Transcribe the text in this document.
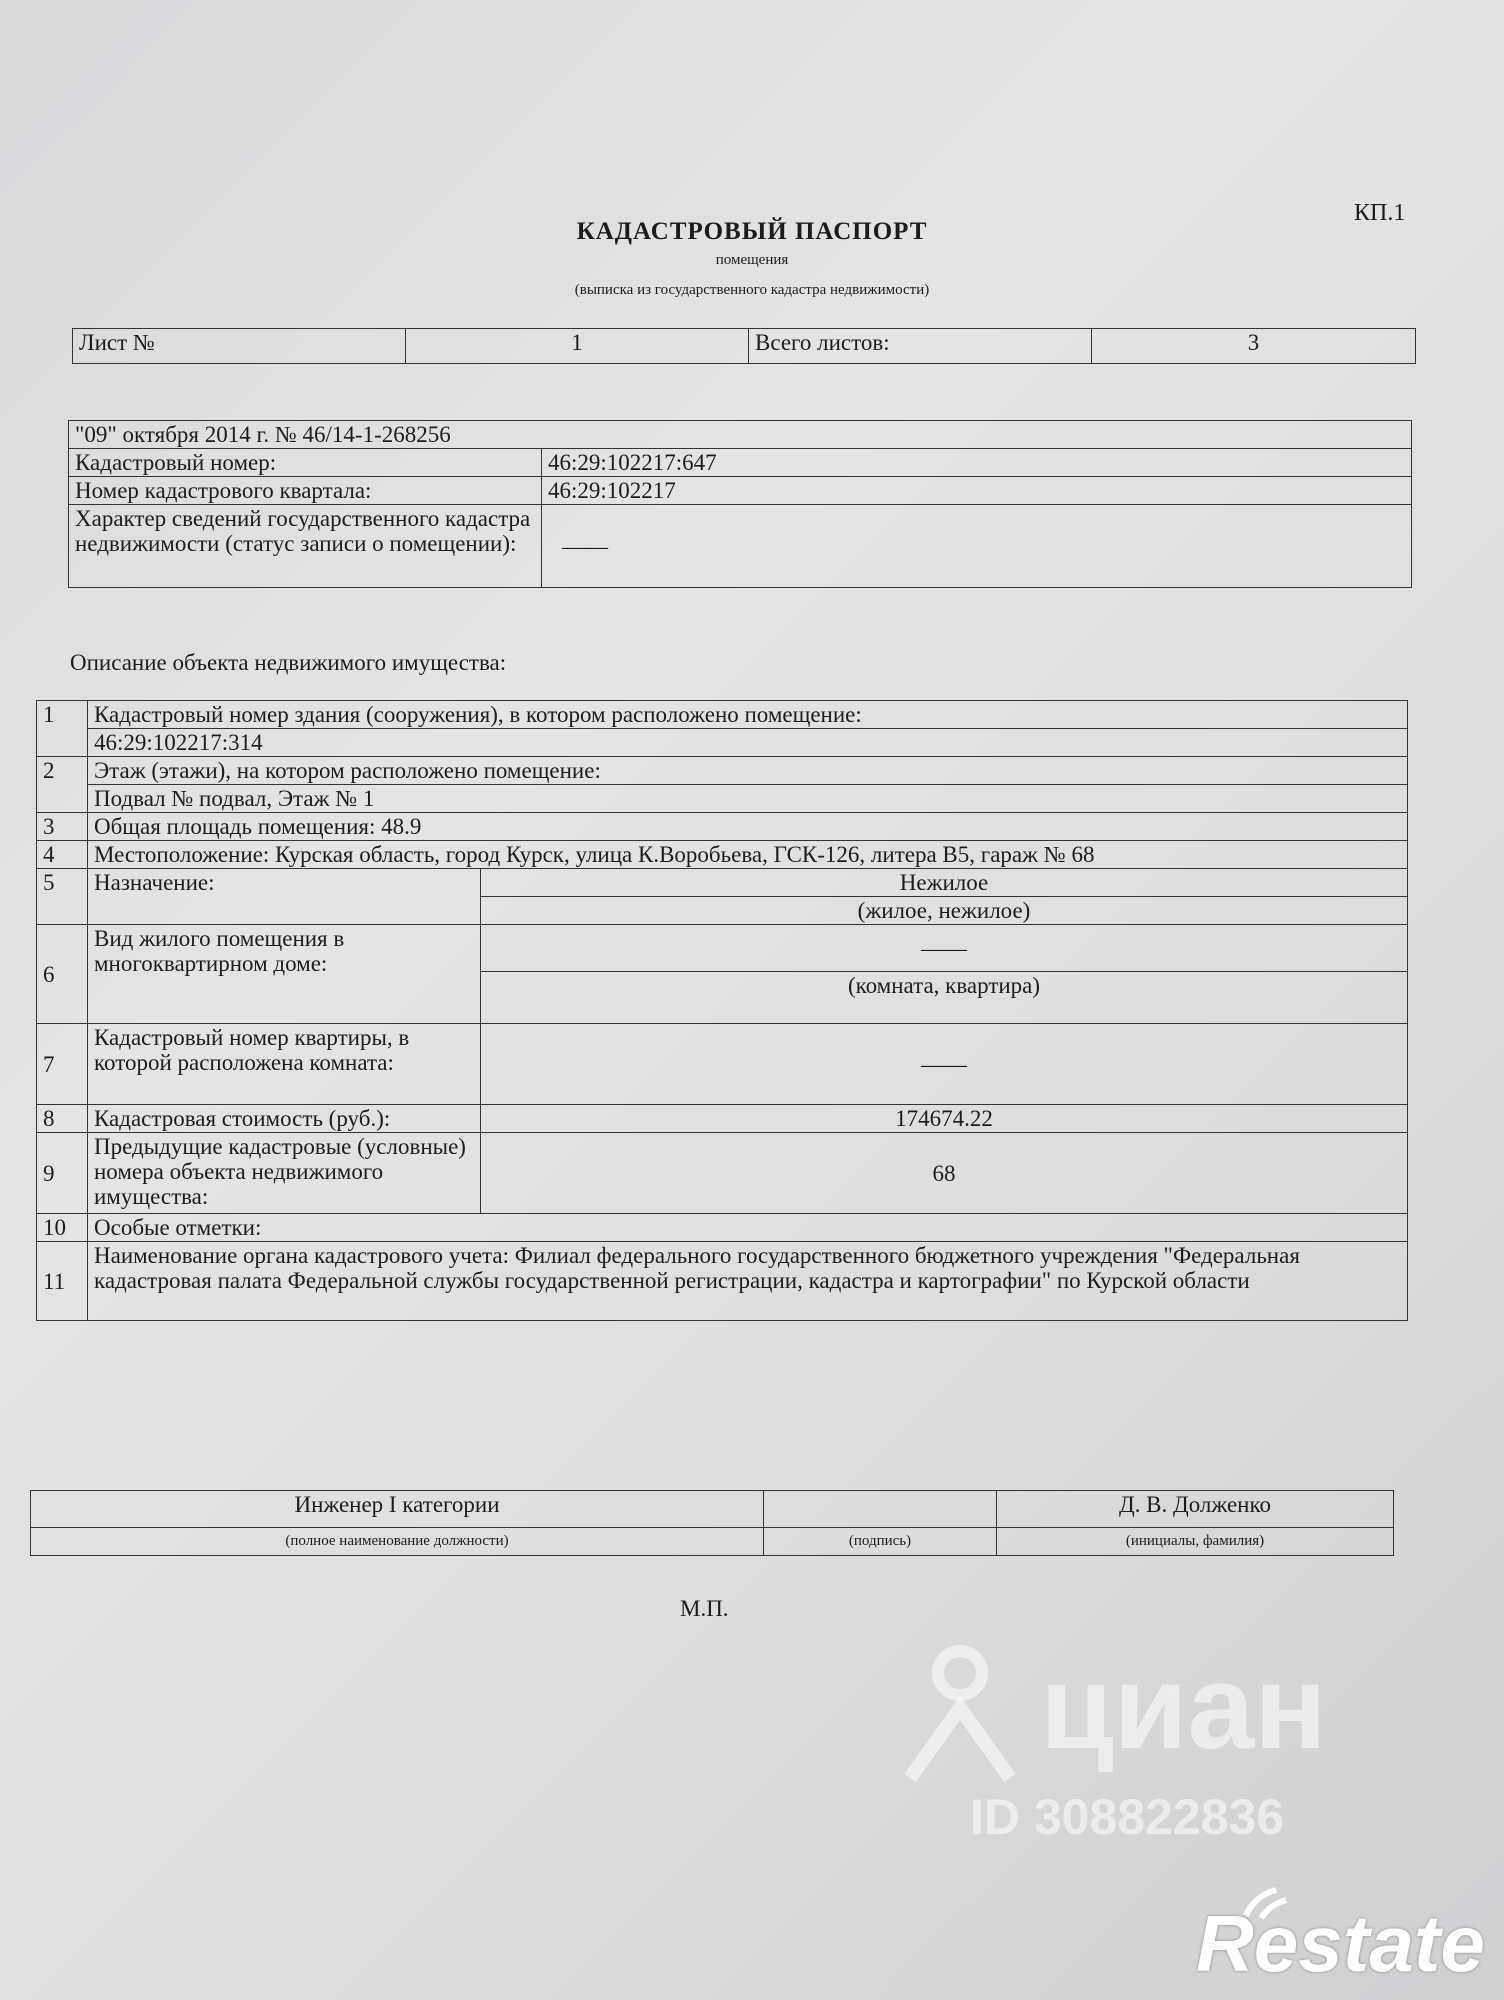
КП.1
КАДАСТРОВЫЙ ПАСПОРТ
помещения
(выписка из государственного кадастра недвижимости)
Лист №	1	Всего листов:	3
"09" октября 2014 г. № 46/14-1-268256	
Кадастровый номер:	46:29:102217:647
Номер кадастрового квартала:	46:29:102217
Характер сведений государственного кадастра недвижимости (статус записи о помещении):	——
Описание объекта недвижимого имущества:
1	Кадастровый номер здания (сооружения), в котором расположено помещение:	
	46:29:102217:314	
2	Этаж (этажи), на котором расположено помещение:	
	Подвал № подвал, Этаж № 1	
3	Общая площадь помещения: 48.9	
4	Местоположение: Курская область, город Курск, улица К.Воробьева, ГСК-126, литера В5, гараж № 68	
5	Назначение:	Нежилое
		(жилое, нежилое)
6	Вид жилого помещения в многоквартирном доме:	——
		(комната, квартира)
7	Кадастровый номер квартиры, в которой расположена комната:	——
8	Кадастровая стоимость (руб.):	174674.22
9	Предыдущие кадастровые (условные) номера объекта недвижимого имущества:	68
10	Особые отметки:	
11	Наименование органа кадастрового учета: Филиал федерального государственного бюджетного учреждения "Федеральная кадастровая палата Федеральной службы государственной регистрации, кадастра и картографии" по Курской области	
Инженер I категории		Д. В. Долженко
(полное наименование должности)	(подпись)	(инициалы, фамилия)
М.П.
циан
ID 308822836
Restate
